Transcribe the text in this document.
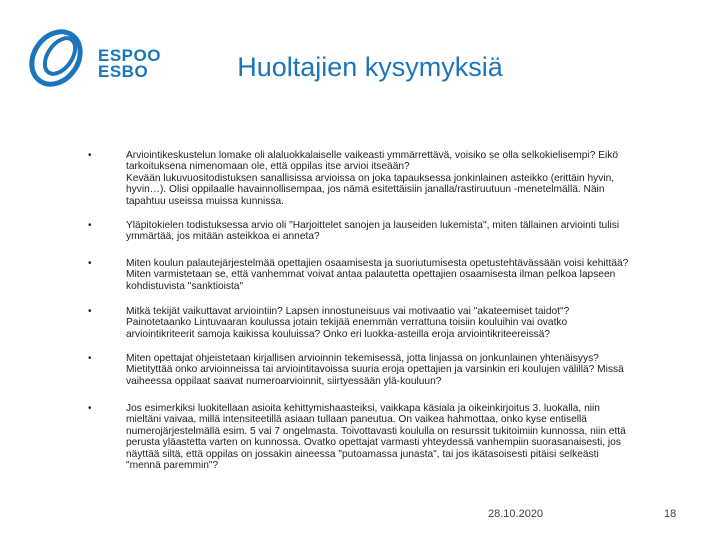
ESPOO
ESBO	Huoltajien kysymyksiä
•	Arviointikeskustelun lomake oli alaluokkalaiselle vaikeasti ymmärrettävä, voisiko se olla selkokielisempi? Eikö
tarkoituksena nimenomaan ole, että oppilas itse arvioi itseään?
Kevään lukuvuositodistuksen sanallisissa arvioissa on joka tapauksessa jonkinlainen asteikko (erittäin hyvin,
hyvin…). Olisi oppilaalle havainnollisempaa, jos nämä esitettäisiin janalla/rastiruutuun -menetelmällä. Näin
tapahtuu useissa muissa kunnissa.
•	Yläpitokielen todistuksessa arvio oli "Harjoittelet sanojen ja lauseiden lukemista", miten tällainen arviointi tulisi
ymmärtää, jos mitään asteikkoa ei anneta?
•	Miten koulun palautejärjestelmää opettajien osaamisesta ja suoriutumisesta opetustehtävässään voisi kehittää?
Miten varmistetaan se, että vanhemmat voivat antaa palautetta opettajien osaamisesta ilman pelkoa lapseen
kohdistuvista "sanktioista"
•	Mitkä tekijät vaikuttavat arviointiin? Lapsen innostuneisuus vai motivaatio vai "akateemiset taidot"?
Painotetaanko Lintuvaaran koulussa jotain tekijää enemmän verrattuna toisiin kouluihin vai ovatko
arviointikriteerit samoja kaikissa kouluissa? Onko eri luokka-asteilla eroja arviointikriteereissä?
•	Miten opettajat ohjeistetaan kirjallisen arvioinnin tekemisessä, jotta linjassa on jonkunlainen yhtenäisyys?
Mietityttää onko arvioinneissa tai arviointitavoissa suuria eroja opettajien ja varsinkin eri koulujen välillä? Missä
vaiheessa oppilaat saavat numeroarvioinnit, siirtyessään ylä-kouluun?
•	Jos esimerkiksi luokitellaan asioita kehittymishaasteiksi, vaikkapa käsiala ja oikeinkirjoitus 3. luokalla, niin
mieltäni vaivaa, millä intensiteetillä asiaan tullaan paneutua. On vaikea hahmottaa, onko kyse entisellä
numerojärjestelmällä esim. 5 vai 7 ongelmasta. Toivottavasti koululla on resurssit tukitoimiin kunnossa, niin että
perusta yläastetta varten on kunnossa. Ovatko opettajat varmasti yhteydessä vanhempiin suorasanaisesti, jos
näyttää siltä, että oppilas on jossakin aineessa "putoamassa junasta", tai jos ikätasoisesti pitäisi selkeästi
"mennä paremmin"?
28.10.2020	18
